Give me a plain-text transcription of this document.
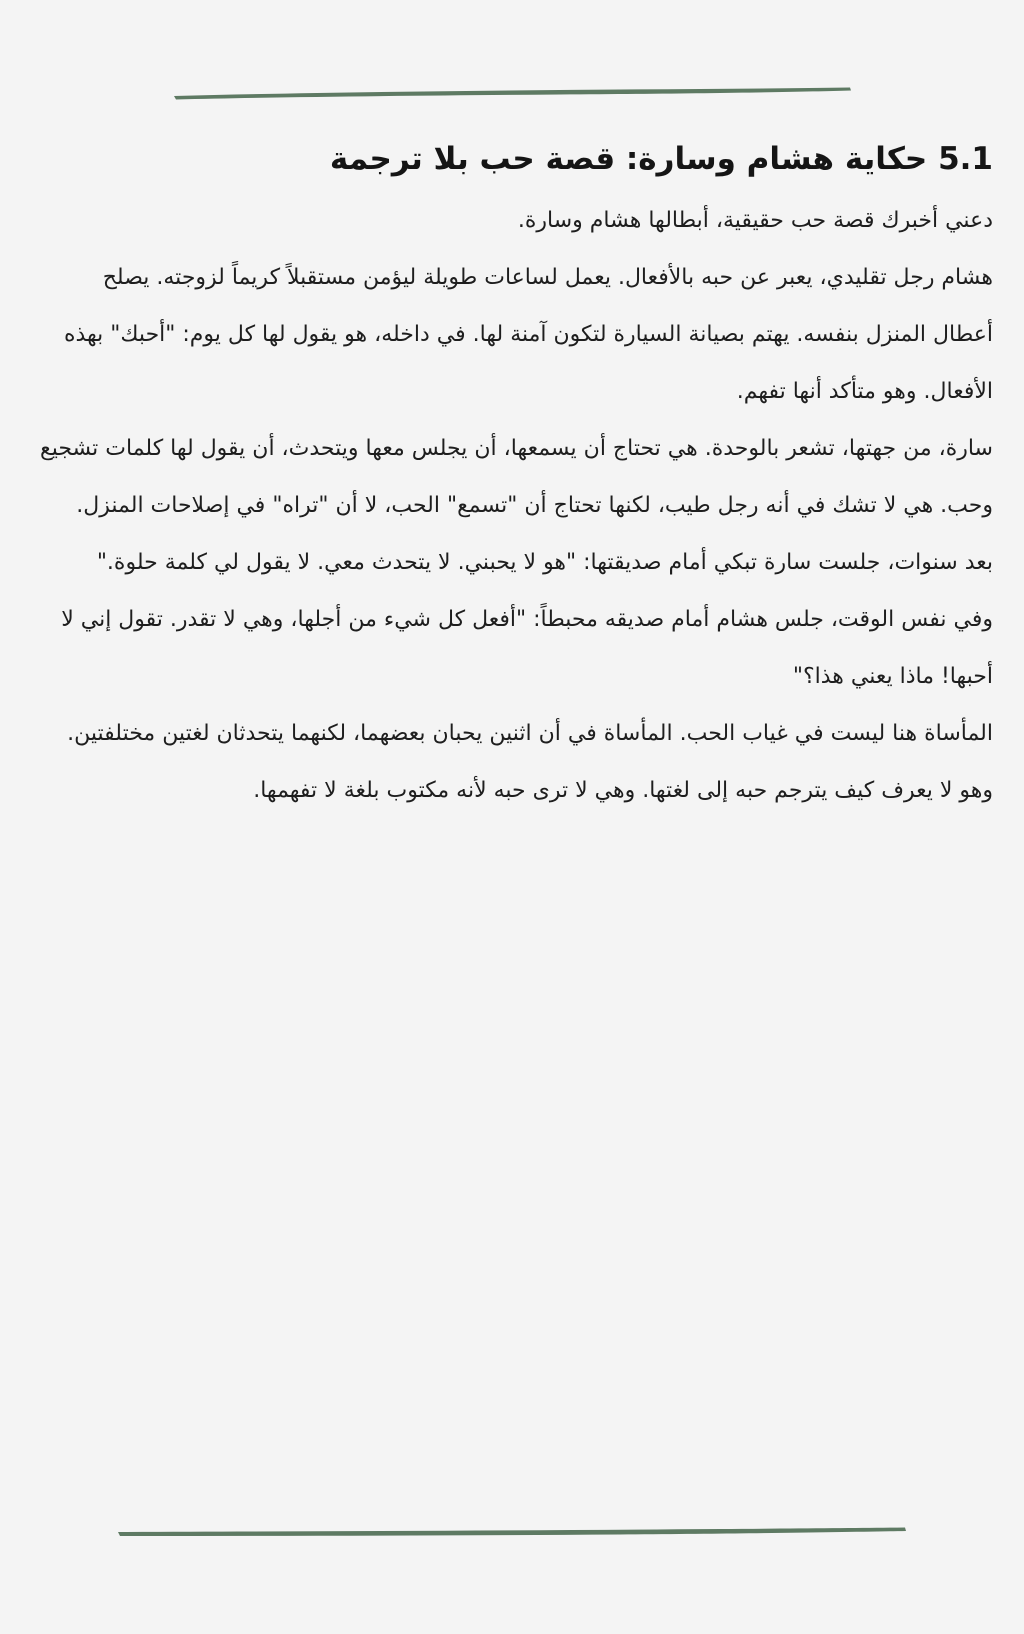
5.1 حكاية هشام وسارة: قصة حب بلا ترجمة

دعني أخبرك قصة حب حقيقية، أبطالها هشام وسارة.

هشام رجل تقليدي، يعبر عن حبه بالأفعال. يعمل لساعات طويلة ليؤمن مستقبلاً كريماً لزوجته. يصلح أعطال المنزل بنفسه. يهتم بصيانة السيارة لتكون آمنة لها. في داخله، هو يقول لها كل يوم: "أحبك" بهذه الأفعال. وهو متأكد أنها تفهم.

سارة، من جهتها، تشعر بالوحدة. هي تحتاج أن يسمعها، أن يجلس معها ويتحدث، أن يقول لها كلمات تشجيع وحب. هي لا تشك في أنه رجل طيب، لكنها تحتاج أن "تسمع" الحب، لا أن "تراه" في إصلاحات المنزل.

بعد سنوات، جلست سارة تبكي أمام صديقتها: "هو لا يحبني. لا يتحدث معي. لا يقول لي كلمة حلوة."

وفي نفس الوقت، جلس هشام أمام صديقه محبطاً: "أفعل كل شيء من أجلها، وهي لا تقدر. تقول إني لا أحبها! ماذا يعني هذا؟"

المأساة هنا ليست في غياب الحب. المأساة في أن اثنين يحبان بعضهما، لكنهما يتحدثان لغتين مختلفتين. وهو لا يعرف كيف يترجم حبه إلى لغتها. وهي لا ترى حبه لأنه مكتوب بلغة لا تفهمها.
